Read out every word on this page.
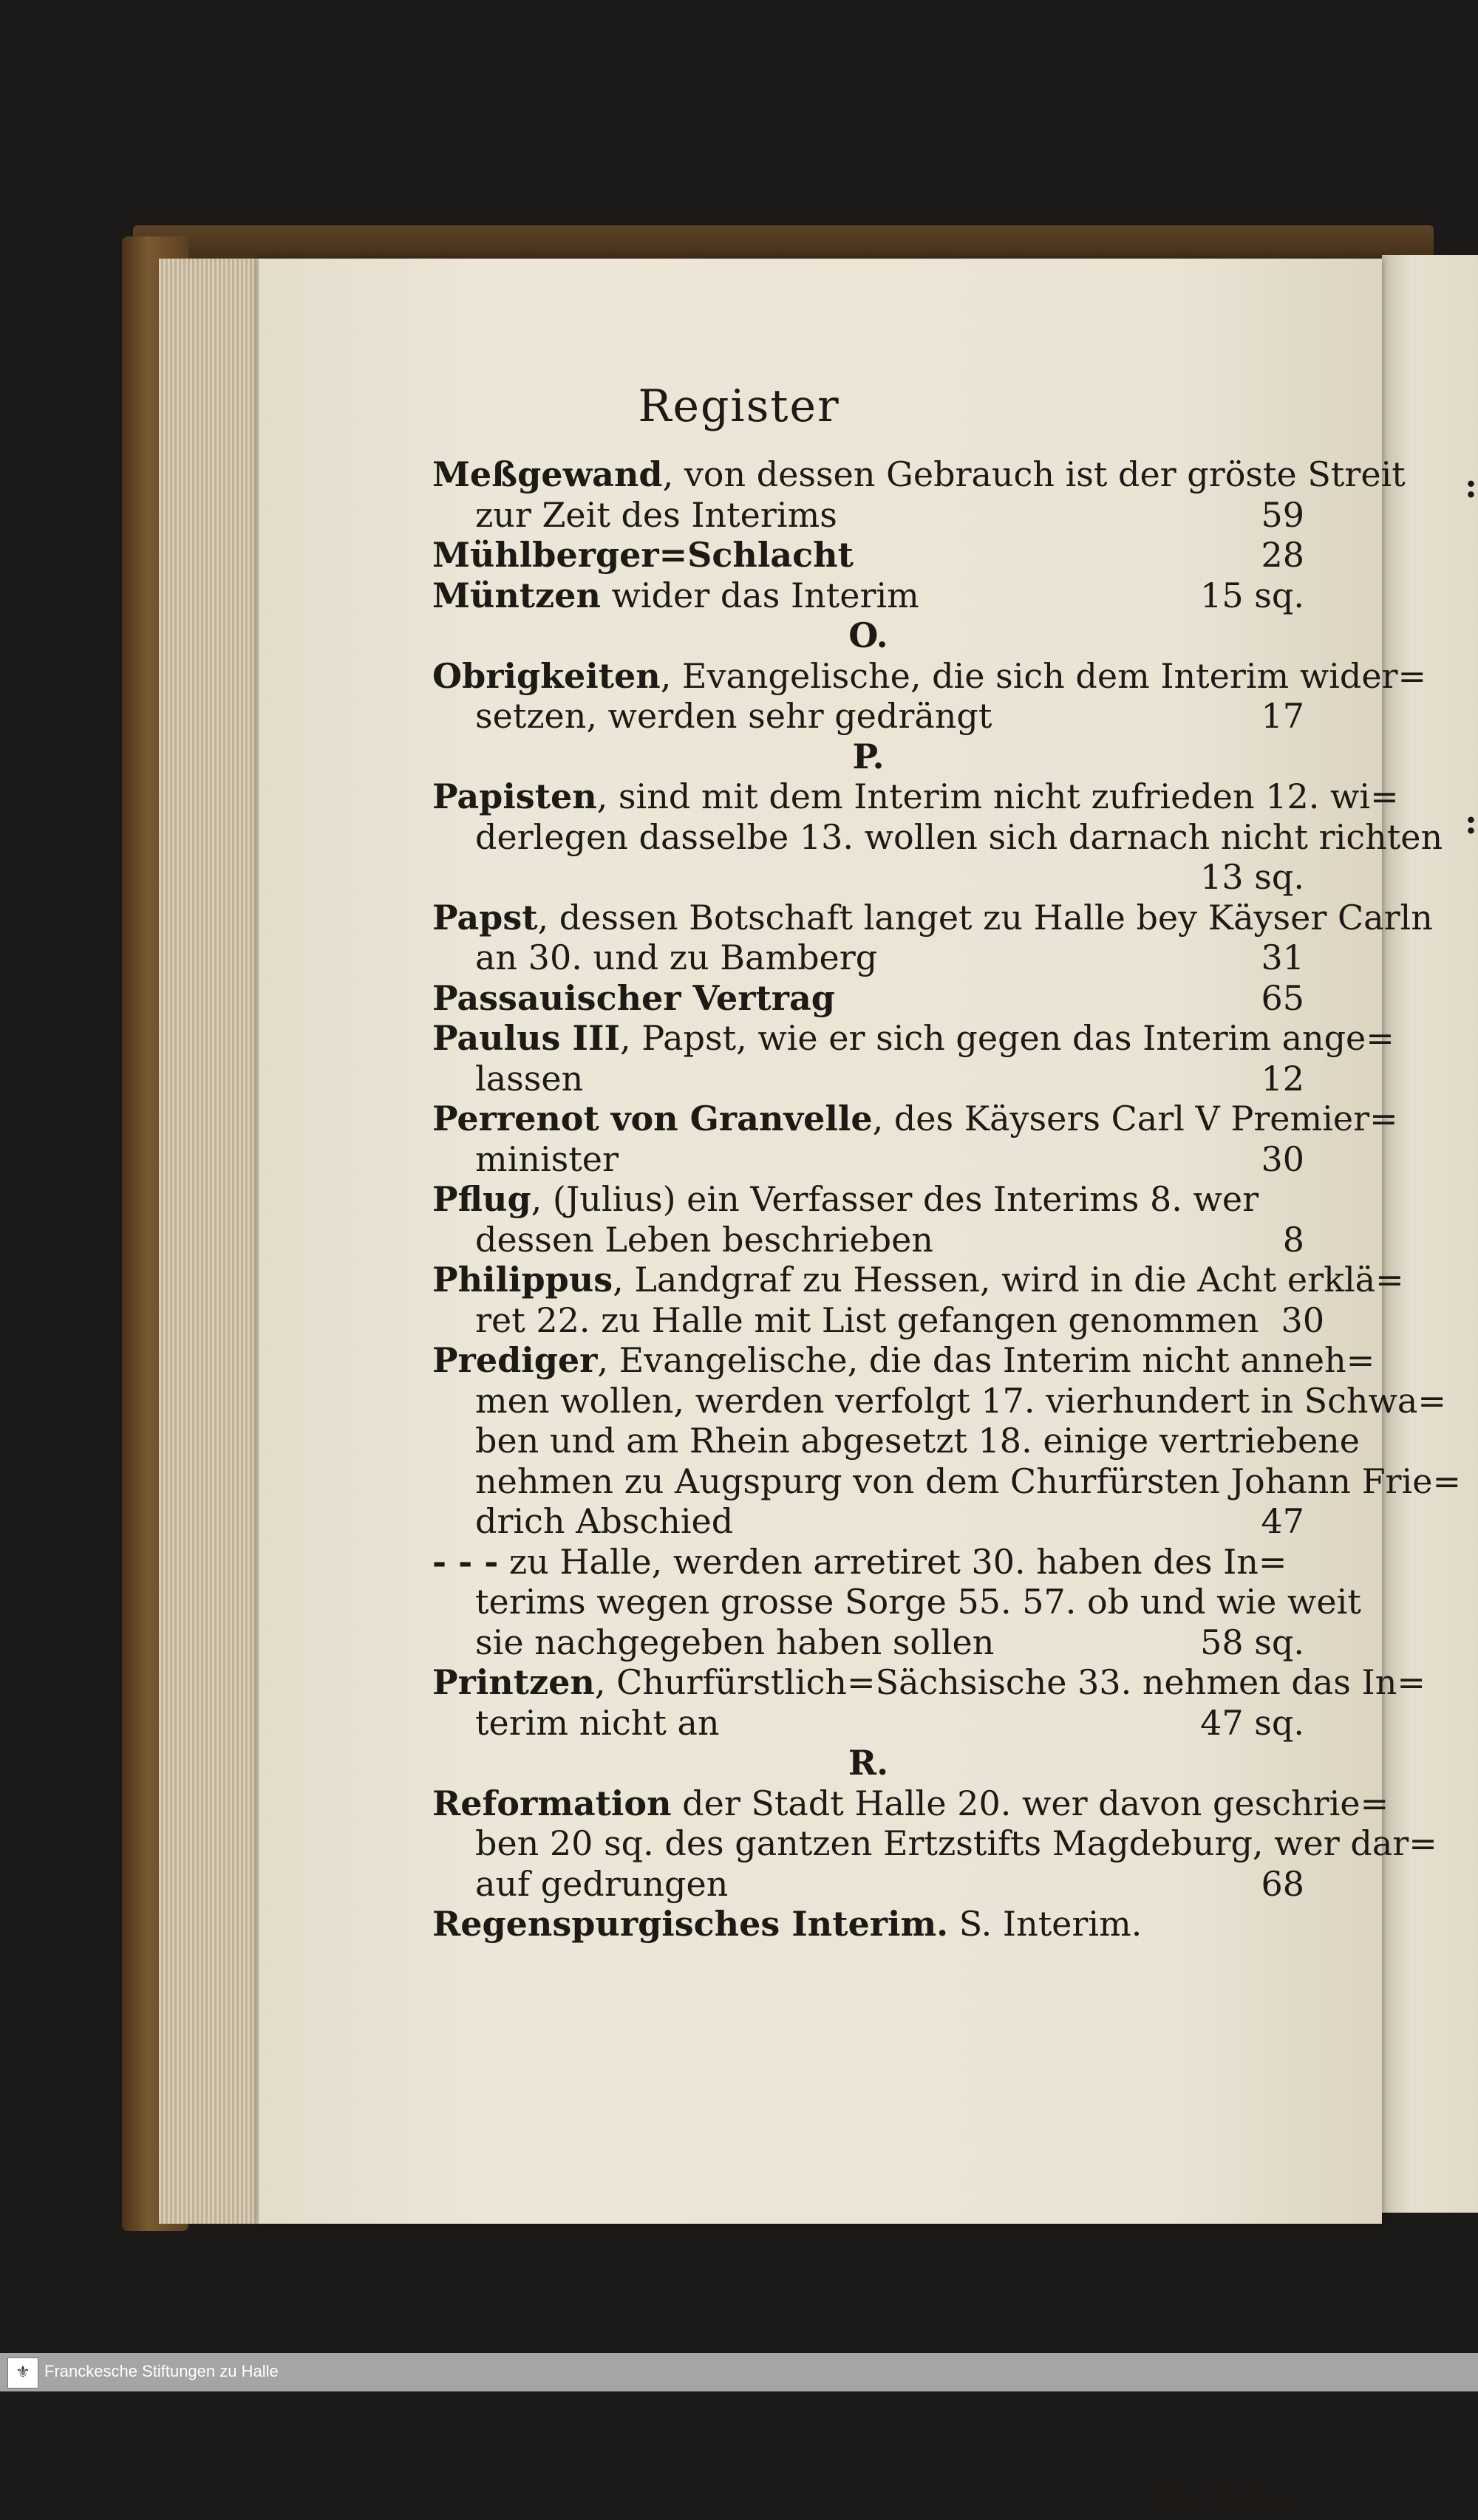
:
:
Register
Meßgewand, von dessen Gebrauch ist der gröste Streit
zur Zeit des Interims	59
Mühlberger=Schlacht	28
Müntzen wider das Interim	15 sq.
O.
Obrigkeiten, Evangelische, die sich dem Interim wider=
setzen, werden sehr gedrängt	17
P.
Papisten, sind mit dem Interim nicht zufrieden 12. wi=
derlegen dasselbe 13. wollen sich darnach nicht richten
13 sq.
Papst, dessen Botschaft langet zu Halle bey Käyser Carln
an 30. und zu Bamberg	31
Passauischer Vertrag	65
Paulus III, Papst, wie er sich gegen das Interim ange=
lassen	12
Perrenot von Granvelle, des Käysers Carl V Premier=
minister	30
Pflug, (Julius) ein Verfasser des Interims 8. wer
dessen Leben beschrieben	8
Philippus, Landgraf zu Hessen, wird in die Acht erklä=
ret 22. zu Halle mit List gefangen genommen 30
Prediger, Evangelische, die das Interim nicht anneh=
men wollen, werden verfolgt 17. vierhundert in Schwa=
ben und am Rhein abgesetzt 18. einige vertriebene
nehmen zu Augspurg von dem Churfürsten Johann Frie=
drich Abschied	47
- - - zu Halle, werden arretiret 30. haben des In=
terims wegen grosse Sorge 55. 57. ob und wie weit
sie nachgegeben haben sollen	58 sq.
Printzen, Churfürstlich=Sächsische 33. nehmen das In=
terim nicht an	47 sq.
R.
Reformation der Stadt Halle 20. wer davon geschrie=
ben 20 sq. des gantzen Ertzstifts Magdeburg, wer dar=
auf gedrungen	68
Regenspurgisches Interim. S. Interim.
Reichs,
⚜ Franckesche Stiftungen zu Halle
